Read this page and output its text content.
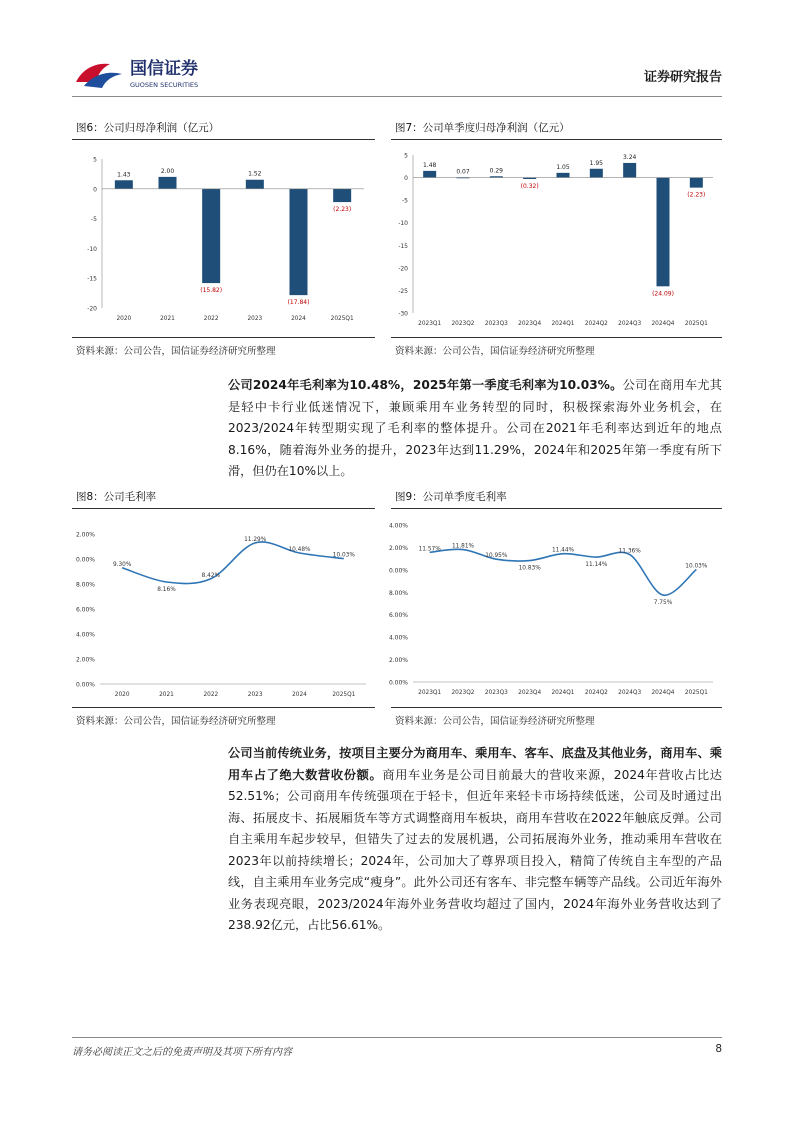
国信证券
GUOSEN SECURITIES	证券研究报告
图6：公司归母净利润（亿元）
5
0
-5
-10
-15
-20
2020	2021	2022	2023	2024	2025Q1
1.43	2.00
(15.82)
1.52
(17.84)
(2.23)
资料来源：公司公告，国信证券经济研究所整理
图7：公司单季度归母净利润（亿元）
5
0
-5
-10
-15
-20
-25
-30
2023Q1 2023Q2 2023Q3 2023Q4 2024Q1 2024Q2 2024Q3 2024Q4 2025Q1
1.48
0.07	0.29
(0.32)
1.05
1.95
3.24
(24.09)
(2.23)
资料来源：公司公告，国信证券经济研究所整理
公司2024年毛利率为10.48%，2025年第一季度毛利率为10.03%。公司在商用车尤其是轻中卡行业低迷情况下，兼顾乘用车业务转型的同时，积极探索海外业务机会，在2023/2024年转型期实现了毛利率的整体提升。公司在2021年毛利率达到近年的地点8.16%，随着海外业务的提升，2023年达到11.29%，2024年和2025年第一季度有所下滑，但仍在10%以上。
图8：公司毛利率
2.00%
0.00%
8.00%
6.00%
4.00%
2.00%
0.00%
2020	2021	2022	2023	2024	2025Q1
9.30%
8.16%
8.42%
11.29%
10.48%
10.03%
资料来源：公司公告，国信证券经济研究所整理
图9：公司单季度毛利率
4.00%
2.00%
0.00%
8.00%
6.00%
4.00%
2.00%
0.00%
2023Q1 2023Q2 2023Q3 2023Q4 2024Q1 2024Q2 2024Q3 2024Q4 2025Q1
11.57% 11.81%
10.95%
10.83%
11.44%
11.14%
11.36%
7.75%
10.03%
资料来源：公司公告，国信证券经济研究所整理
公司当前传统业务，按项目主要分为商用车、乘用车、客车、底盘及其他业务，商用车、乘用车占了绝大数营收份额。商用车业务是公司目前最大的营收来源，2024年营收占比达52.51%；公司商用车传统强项在于轻卡，但近年来轻卡市场持续低迷，公司及时通过出海、拓展皮卡、拓展厢货车等方式调整商用车板块，商用车营收在2022年触底反弹。公司自主乘用车起步较早，但错失了过去的发展机遇，公司拓展海外业务，推动乘用车营收在2023年以前持续增长；2024年，公司加大了尊界项目投入，精简了传统自主车型的产品线，自主乘用车业务完成“瘦身”。此外公司还有客车、非完整车辆等产品线。公司近年海外业务表现亮眼，2023/2024年海外业务营收均超过了国内，2024年海外业务营收达到了238.92亿元，占比56.61%。
请务必阅读正文之后的免责声明及其项下所有内容	8
